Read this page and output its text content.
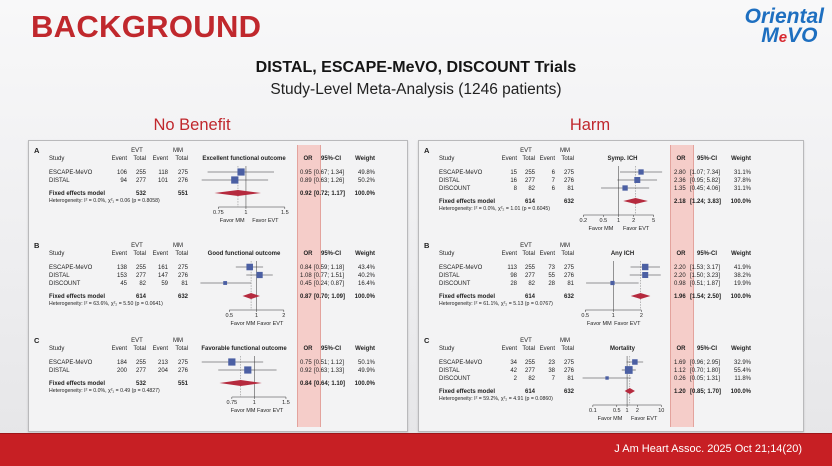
BACKGROUND	Oriental
MeVO
DISTAL, ESCAPE-MeVO, DISCOUNT Trials
Study-Level Meta-Analysis (1246 patients)
No Benefit	Harm
A	EVT	MM
Study	Event Total Event Total Excellent functional outcome	OR 95%-CI Weight
ESCAPE-MeVO	106 255 118 275	0.95 [0.67; 1.34] 49.8%
DISTAL	94 277 101 276	0.89 [0.63; 1.26] 50.2%
Fixed effects model	532	551	0.92 [0.72; 1.17] 100.0%
Heterogeneity: I² = 0.0%, χ²₁ = 0.06 (p = 0.8058)
0.75	1	1.5
Favor MM Favor EVT
B	EVT	MM
Study	Event Total Event Total	Good functional outcome	OR 95%-CI Weight
ESCAPE-MeVO	138 255 161 275	0.84 [0.59; 1.18] 43.4%
DISTAL	153 277 147 276	1.08 [0.77; 1.51] 40.2%
DISCOUNT	45 82	59 81	0.45 [0.24; 0.87] 16.4%
Fixed effects model	614	632	0.87 [0.70; 1.09] 100.0%
Heterogeneity: I² = 63.6%, χ²₂ = 5.50 (p = 0.0641)
0.5	1	2
Favor MM Favor EVT
C	EVT	MM
Study	Event Total Event Total Favorable functional outcome	OR 95%-CI Weight
ESCAPE-MeVO	184 255 213 275	0.75 [0.51; 1.12] 50.1%
DISTAL	200 277 204 276	0.92 [0.63; 1.33] 49.9%
Fixed effects model	532	551	0.84 [0.64; 1.10] 100.0%
Heterogeneity: I² = 0.0%, χ²₁ = 0.49 (p = 0.4827)
0.75	1	1.5
Favor MM Favor EVT
A	EVT	MM
Study	Event Total Event Total	Symp. ICH	OR 95%-CI Weight
ESCAPE-MeVO	15 255	6 275	2.80 [1.07; 7.34] 31.1%
DISTAL	16 277	7 276	2.36 [0.95; 5.82] 37.8%
DISCOUNT	8 82	6 81	1.35 [0.45; 4.06] 31.1%
Fixed effects model	614	632	2.18 [1.24; 3.83] 100.0%
Heterogeneity: I² = 0.0%, χ²₂ = 1.01 (p = 0.6045)
0.2 0.5 1 2	5
Favor MM Favor EVT
B	EVT	MM
Study	Event Total Event Total	Any ICH	OR 95%-CI Weight
ESCAPE-MeVO	113 255 73 275	2.20 [1.53; 3.17] 41.9%
DISTAL	98 277 55 276	2.20 [1.50; 3.23] 38.2%
DISCOUNT	28 82 28 81	0.98 [0.51; 1.87] 19.9%
Fixed effects model	614	632	1.96 [1.54; 2.50] 100.0%
Heterogeneity: I² = 61.1%, χ²₂ = 5.13 (p = 0.0767)
0.5	1	2
Favor MM Favor EVT
C	EVT	MM
Study	Event Total Event Total	Mortality	OR 95%-CI Weight
ESCAPE-MeVO	34 255 23 275	1.69 [0.96; 2.95] 32.9%
DISTAL	42 277 38 276	1.12 [0.70; 1.80] 55.4%
DISCOUNT	2 82	7 81	0.26 [0.05; 1.31] 11.8%
Fixed effects model	614	632	1.20 [0.85; 1.70] 100.0%
Heterogeneity: I² = 59.2%, χ²₂ = 4.91 (p = 0.0860)
0.1	0.5 1 2	10
Favor MM Favor EVT
J Am Heart Assoc. 2025 Oct 21;14(20)
